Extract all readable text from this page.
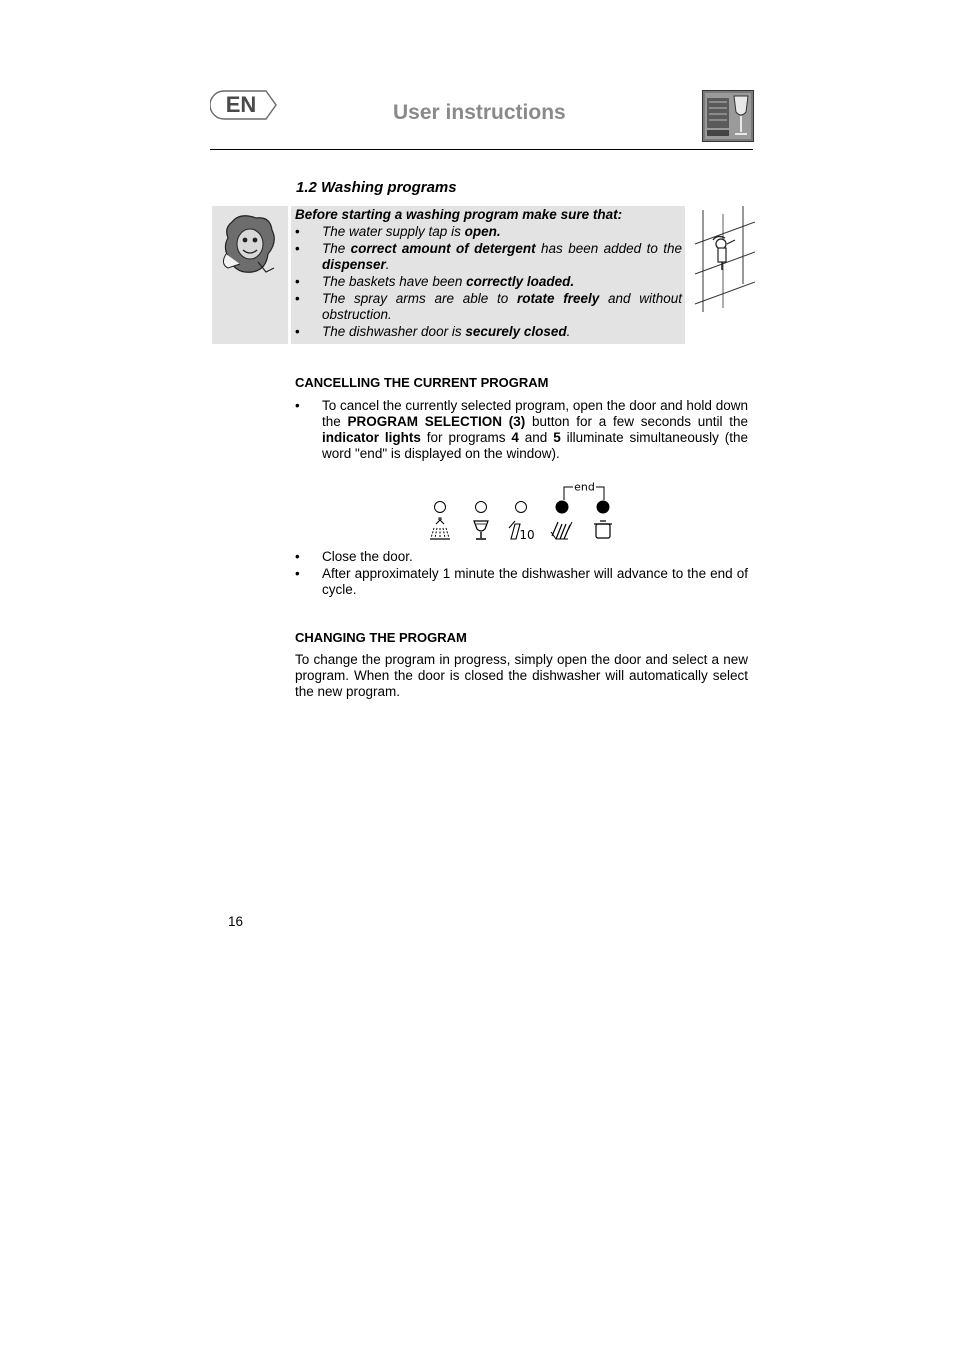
EN	User instructions
1.2 Washing programs
Before starting a washing program make sure that:
• The water supply tap is open.
• The correct amount of detergent has been added to the dispenser.
• The baskets have been correctly loaded.
• The spray arms are able to rotate freely and without obstruction.
• The dishwasher door is securely closed.
CANCELLING THE CURRENT PROGRAM
• To cancel the currently selected program, open the door and hold down the PROGRAM SELECTION (3) button for a few seconds until the indicator lights for programs 4 and 5 illuminate simultaneously (the word "end" is displayed on the window).
end
10
• Close the door.
• After approximately 1 minute the dishwasher will advance to the end of cycle.
CHANGING THE PROGRAM
To change the program in progress, simply open the door and select a new program. When the door is closed the dishwasher will automatically select the new program.
16
